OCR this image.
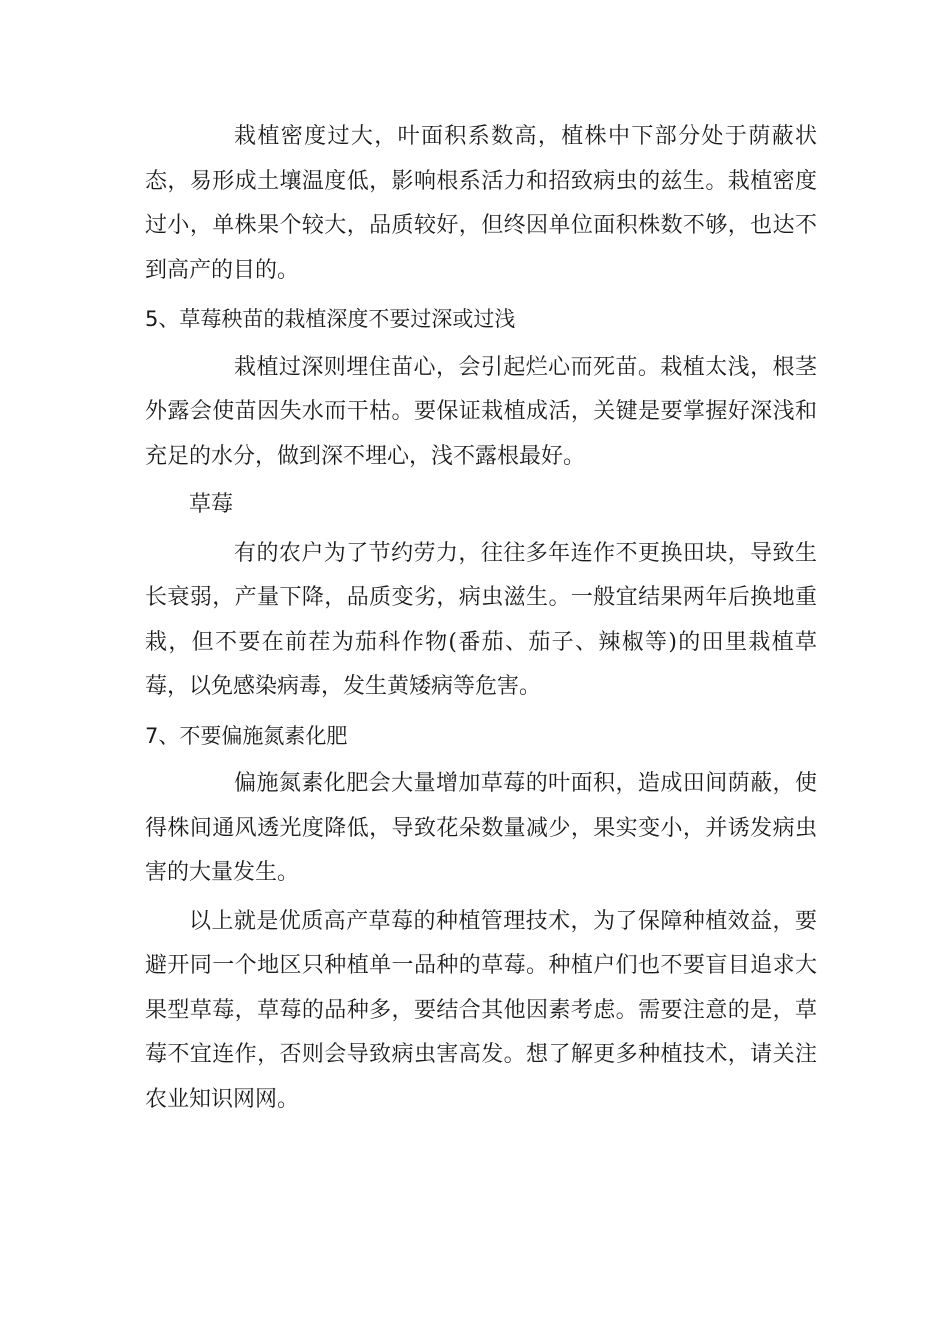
栽植密度过大，叶面积系数高，植株中下部分处于荫蔽状态，易形成土壤温度低，影响根系活力和招致病虫的兹生。栽植密度过小，单株果个较大，品质较好，但终因单位面积株数不够，也达不到高产的目的。

5、草莓秧苗的栽植深度不要过深或过浅

栽植过深则埋住苗心，会引起烂心而死苗。栽植太浅，根茎外露会使苗因失水而干枯。要保证栽植成活，关键是要掌握好深浅和充足的水分，做到深不埋心，浅不露根最好。

草莓

有的农户为了节约劳力，往往多年连作不更换田块，导致生长衰弱，产量下降，品质变劣，病虫滋生。一般宜结果两年后换地重栽，但不要在前茬为茄科作物(番茄、茄子、辣椒等)的田里栽植草莓，以免感染病毒，发生黄矮病等危害。

7、不要偏施氮素化肥

偏施氮素化肥会大量增加草莓的叶面积，造成田间荫蔽，使得株间通风透光度降低，导致花朵数量减少，果实变小，并诱发病虫害的大量发生。

以上就是优质高产草莓的种植管理技术，为了保障种植效益，要避开同一个地区只种植单一品种的草莓。种植户们也不要盲目追求大果型草莓，草莓的品种多，要结合其他因素考虑。需要注意的是，草莓不宜连作，否则会导致病虫害高发。想了解更多种植技术，请关注农业知识网网。
